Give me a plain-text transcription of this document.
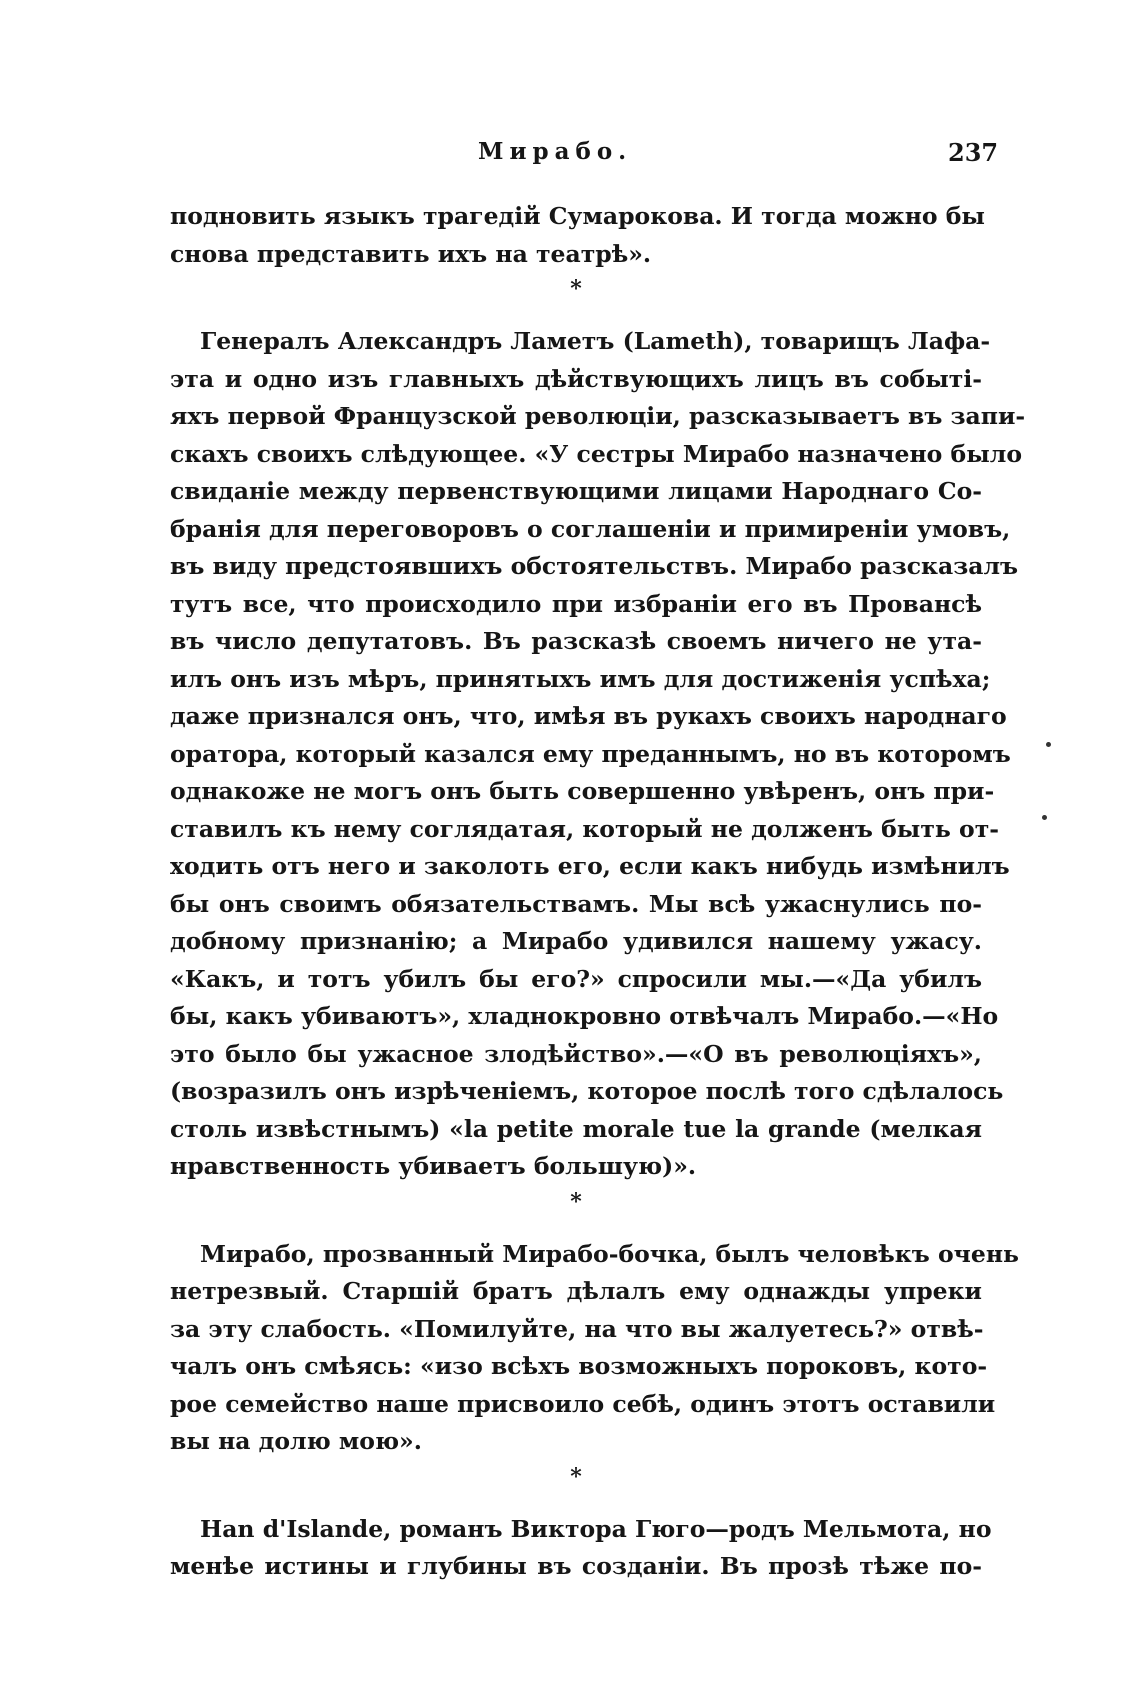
Мирабо.	237
подновить языкъ трагедій Сумарокова. И тогда можно бы
снова представить ихъ на театрѣ».
*
Генералъ Александръ Ламетъ (Lameth), товарищъ Лафа-
эта и одно изъ главныхъ дѣйствующихъ лицъ въ событі-
яхъ первой Французской революціи, разсказываетъ въ запи-
скахъ своихъ слѣдующее. «У сестры Мирабо назначено было
свиданіе между первенствующими лицами Народнаго Со-
бранія для переговоровъ о соглашеніи и примиреніи умовъ,
въ виду предстоявшихъ обстоятельствъ. Мирабо разсказалъ
тутъ все, что происходило при избраніи его въ Провансѣ
въ число депутатовъ. Въ разсказѣ своемъ ничего не ута-
илъ онъ изъ мѣръ, принятыхъ имъ для достиженія успѣха;
даже признался онъ, что, имѣя въ рукахъ своихъ народнаго
оратора, который казался ему преданнымъ, но въ которомъ
однакоже не могъ онъ быть совершенно увѣренъ, онъ при-
ставилъ къ нему соглядатая, который не долженъ быть от-
ходить отъ него и заколоть его, если какъ нибудь измѣнилъ
бы онъ своимъ обязательствамъ. Мы всѣ ужаснулись по-
добному признанію; а Мирабо удивился нашему ужасу.
«Какъ, и тотъ убилъ бы его?» спросили мы.—«Да убилъ
бы, какъ убиваютъ», хладнокровно отвѣчалъ Мирабо.—«Но
это было бы ужасное злодѣйство».—«О въ революціяхъ»,
(возразилъ онъ изрѣченіемъ, которое послѣ того сдѣлалось
столь извѣстнымъ) «la petite morale tue la grande (мелкая
нравственность убиваетъ большую)».
*
Мирабо, прозванный Мирабо-бочка, былъ человѣкъ очень
нетрезвый. Старшій братъ дѣлалъ ему однажды упреки
за эту слабость. «Помилуйте, на что вы жалуетесь?» отвѣ-
чалъ онъ смѣясь: «изо всѣхъ возможныхъ пороковъ, кото-
рое семейство наше присвоило себѣ, одинъ этотъ оставили
вы на долю мою».
*
Han d'Islande, романъ Виктора Гюго—родъ Мельмота, но
менѣе истины и глубины въ созданіи. Въ прозѣ тѣже по-
